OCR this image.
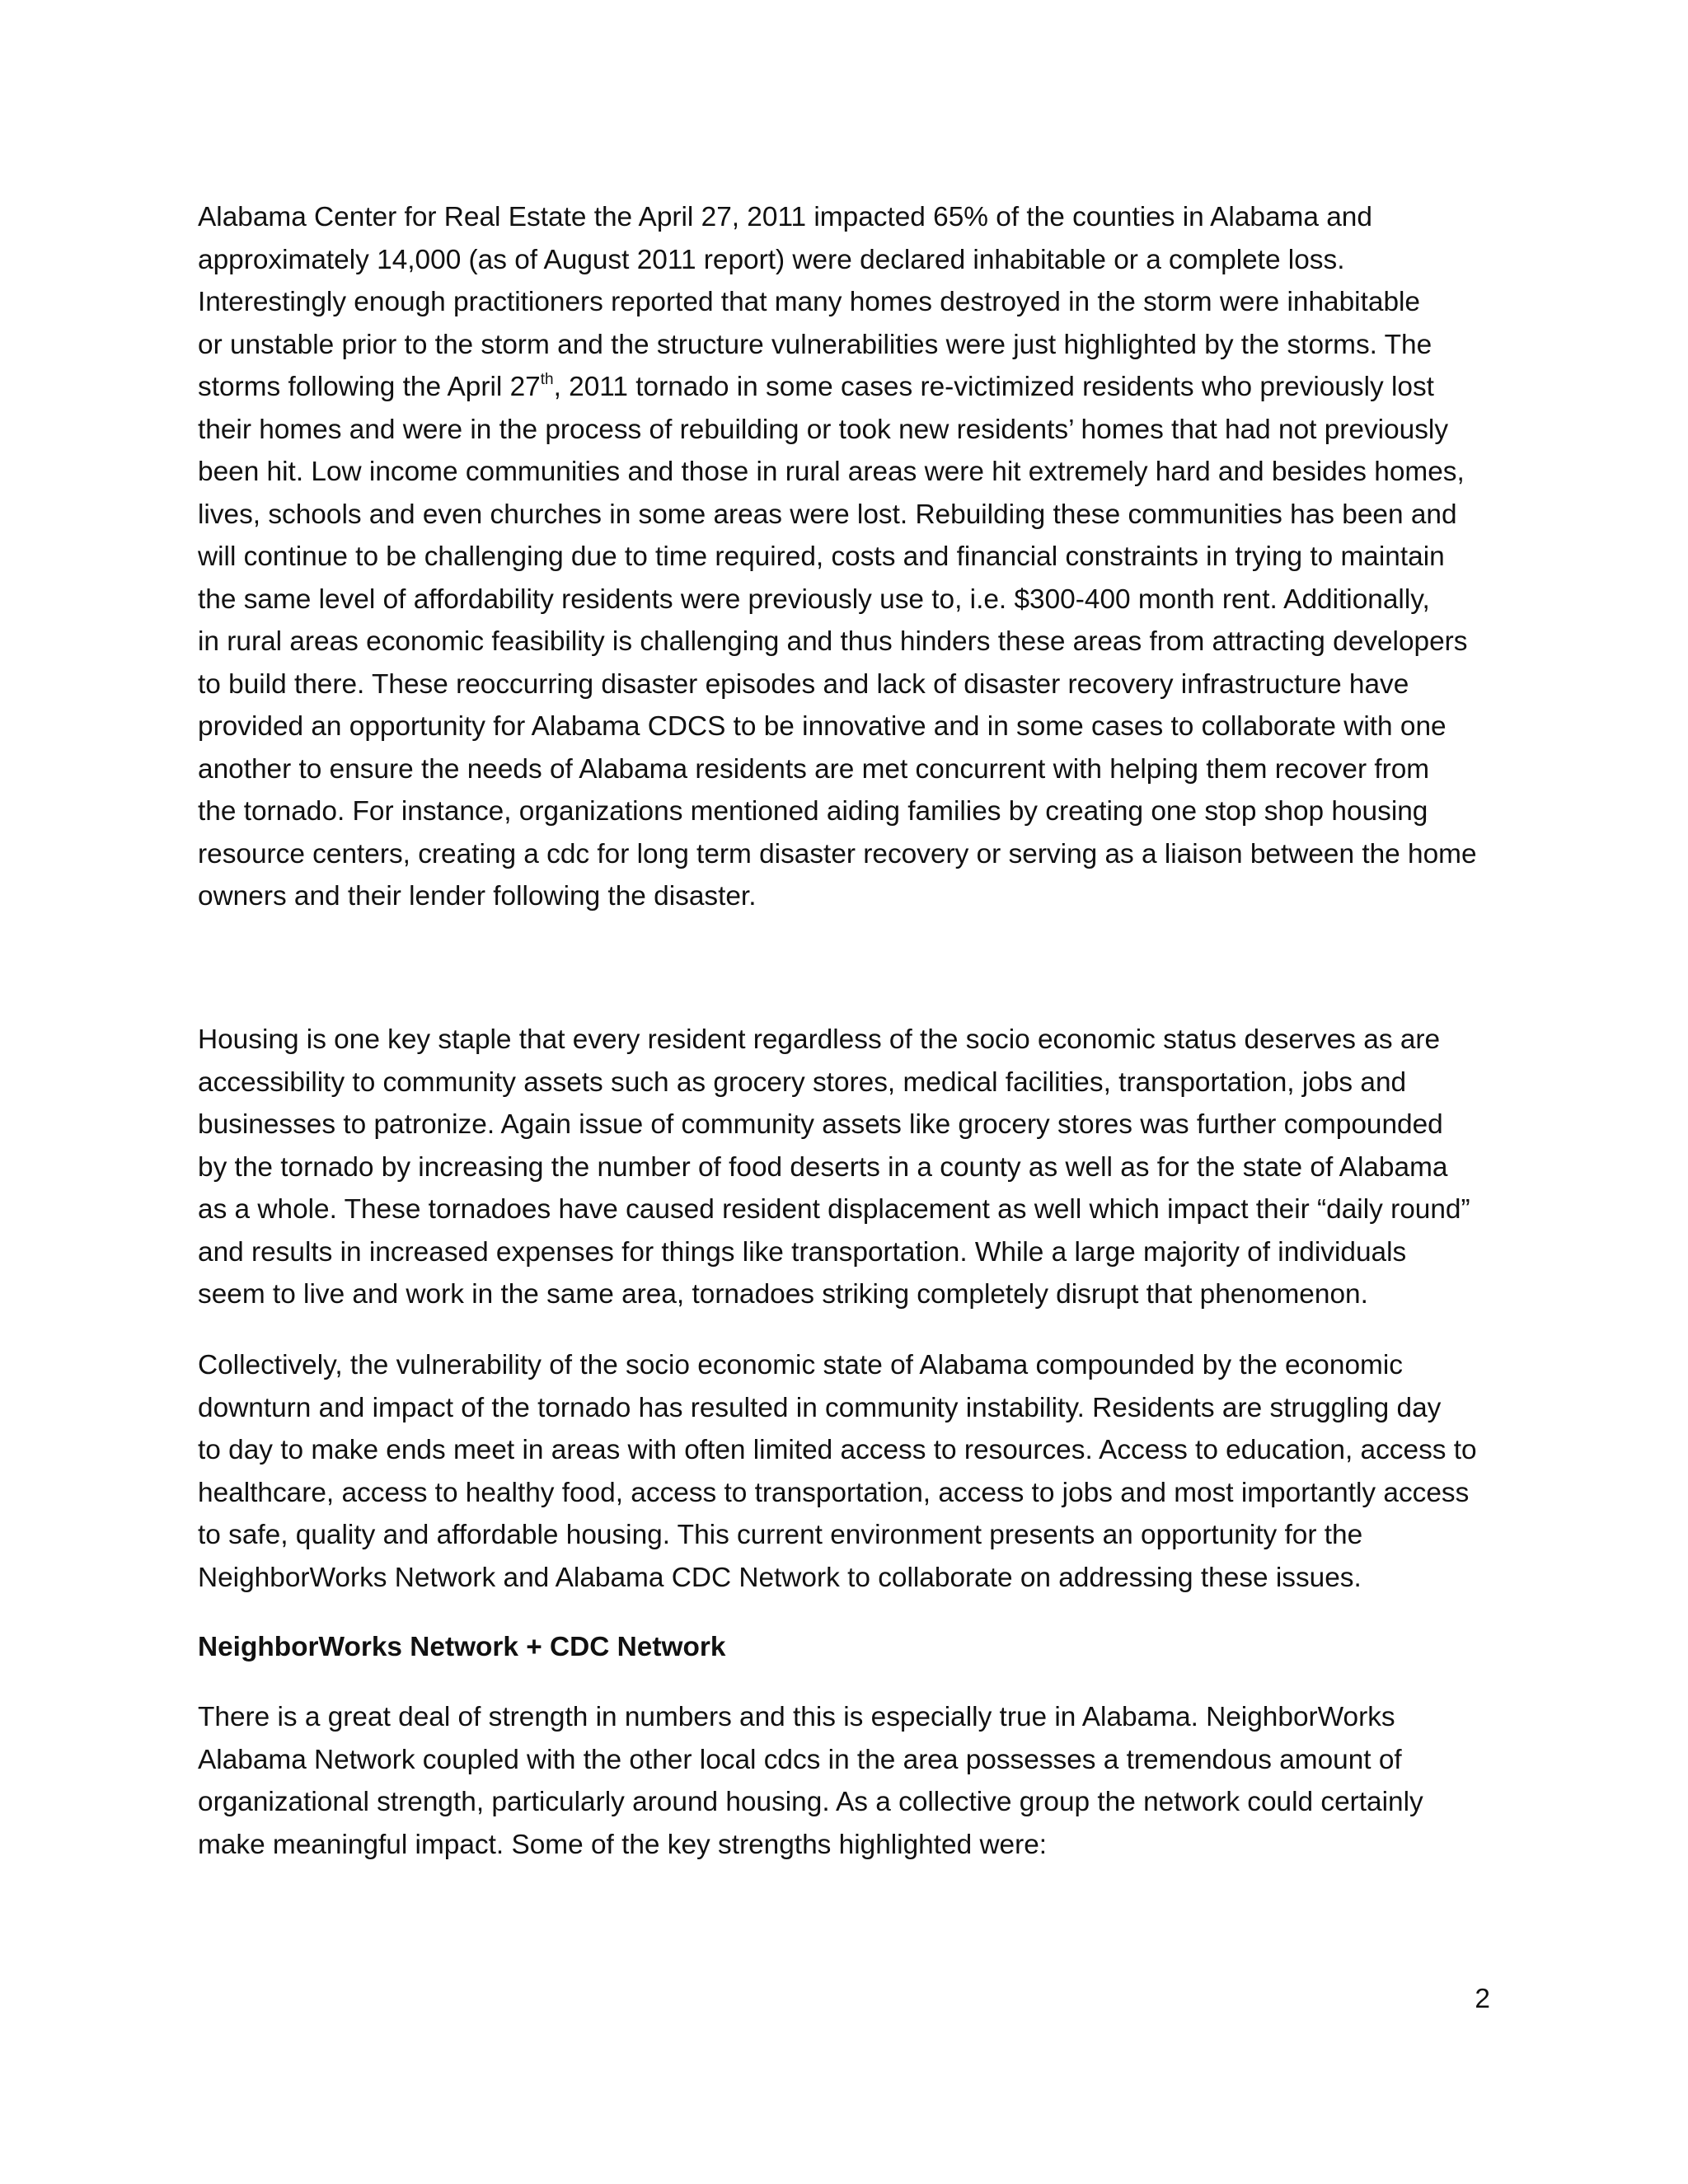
Alabama Center for Real Estate the April 27, 2011 impacted 65% of the counties in Alabama and
approximately 14,000 (as of August 2011 report) were declared inhabitable or a complete loss.
Interestingly enough practitioners reported that many homes destroyed in the storm were inhabitable
or unstable prior to the storm and the structure vulnerabilities were just highlighted by the storms. The
storms following the April 27th, 2011 tornado in some cases re-victimized residents who previously lost
their homes and were in the process of rebuilding or took new residents’ homes that had not previously
been hit. Low income communities and those in rural areas were hit extremely hard and besides homes,
lives, schools and even churches in some areas were lost. Rebuilding these communities has been and
will continue to be challenging due to time required, costs and financial constraints in trying to maintain
the same level of affordability residents were previously use to, i.e. $300-400 month rent. Additionally,
in rural areas economic feasibility is challenging and thus hinders these areas from attracting developers
to build there. These reoccurring disaster episodes and lack of disaster recovery infrastructure have
provided an opportunity for Alabama CDCS to be innovative and in some cases to collaborate with one
another to ensure the needs of Alabama residents are met concurrent with helping them recover from
the tornado. For instance, organizations mentioned aiding families by creating one stop shop housing
resource centers, creating a cdc for long term disaster recovery or serving as a liaison between the home
owners and their lender following the disaster.
Housing is one key staple that every resident regardless of the socio economic status deserves as are
accessibility to community assets such as grocery stores, medical facilities, transportation, jobs and
businesses to patronize. Again issue of community assets like grocery stores was further compounded
by the tornado by increasing the number of food deserts in a county as well as for the state of Alabama
as a whole. These tornadoes have caused resident displacement as well which impact their “daily round”
and results in increased expenses for things like transportation. While a large majority of individuals
seem to live and work in the same area, tornadoes striking completely disrupt that phenomenon.
Collectively, the vulnerability of the socio economic state of Alabama compounded by the economic
downturn and impact of the tornado has resulted in community instability. Residents are struggling day
to day to make ends meet in areas with often limited access to resources. Access to education, access to
healthcare, access to healthy food, access to transportation, access to jobs and most importantly access
to safe, quality and affordable housing. This current environment presents an opportunity for the
NeighborWorks Network and Alabama CDC Network to collaborate on addressing these issues.
NeighborWorks Network + CDC Network
There is a great deal of strength in numbers and this is especially true in Alabama. NeighborWorks
Alabama Network coupled with the other local cdcs in the area possesses a tremendous amount of
organizational strength, particularly around housing. As a collective group the network could certainly
make meaningful impact. Some of the key strengths highlighted were:
2
